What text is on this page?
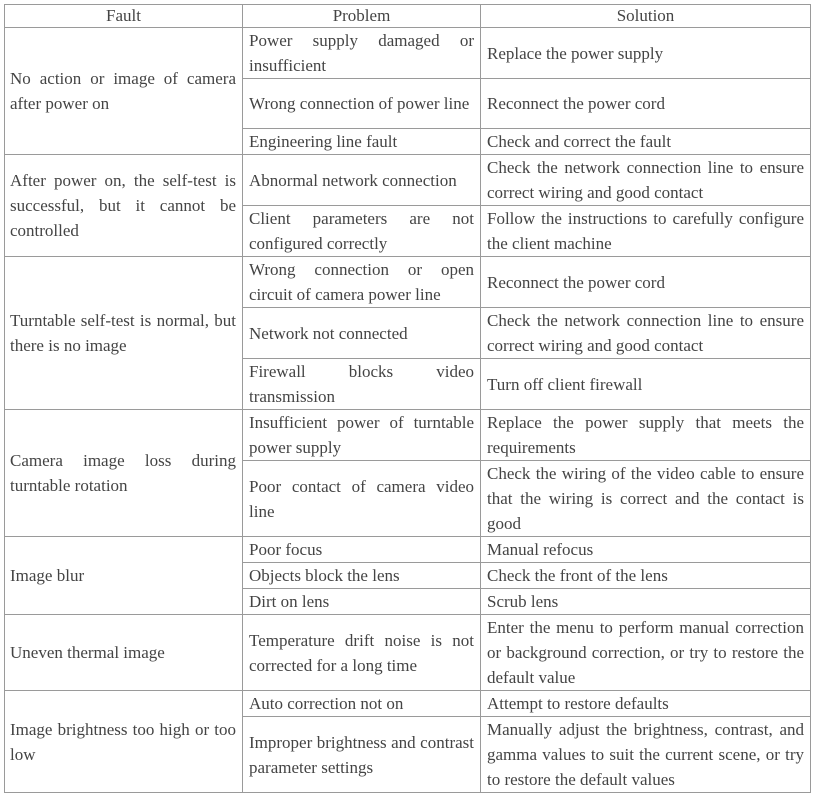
Fault	Problem	Solution
No action or image of camera after power on	Power supply damaged or insufficient	Replace the power supply
	Wrong connection of power line	Reconnect the power cord
	Engineering line fault	Check and correct the fault
After power on, the self-test is successful, but it cannot be controlled	Abnormal network connection	Check the network connection line to ensure correct wiring and good contact
	Client parameters are not configured correctly	Follow the instructions to carefully configure the client machine
Turntable self-test is normal, but there is no image	Wrong connection or open circuit of camera power line	Reconnect the power cord
	Network not connected	Check the network connection line to ensure correct wiring and good contact
	Firewall blocks video transmission	Turn off client firewall
Camera image loss during turntable rotation	Insufficient power of turntable power supply	Replace the power supply that meets the requirements
	Poor contact of camera video line	Check the wiring of the video cable to ensure that the wiring is correct and the contact is good
Image blur	Poor focus	Manual refocus
	Objects block the lens	Check the front of the lens
	Dirt on lens	Scrub lens
Uneven thermal image	Temperature drift noise is not corrected for a long time	Enter the menu to perform manual correction or background correction, or try to restore the default value
Image brightness too high or too low	Auto correction not on	Attempt to restore defaults
	Improper brightness and contrast parameter settings	Manually adjust the brightness, contrast, and gamma values to suit the current scene, or try to restore the default values
